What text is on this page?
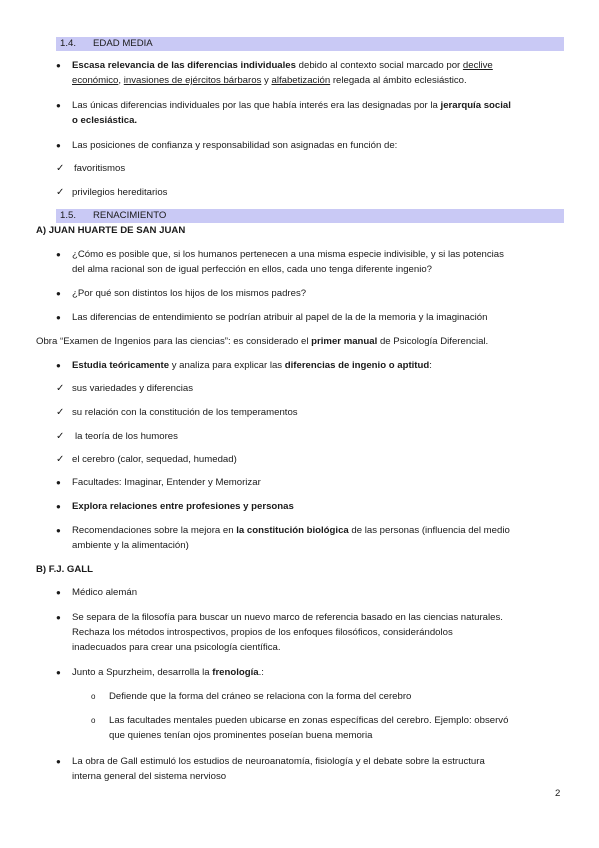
1.4. EDAD MEDIA
● Escasa relevancia de las diferencias individuales debido al contexto social marcado por declive
económico, invasiones de ejércitos bárbaros y alfabetización relegada al ámbito eclesiástico.
● Las únicas diferencias individuales por las que había interés era las designadas por la jerarquía social
o eclesiástica.
● Las posiciones de confianza y responsabilidad son asignadas en función de:
✓ favoritismos
✓ privilegios hereditarios
1.5. RENACIMIENTO
A) JUAN HUARTE DE SAN JUAN
● ¿Cómo es posible que, si los humanos pertenecen a una misma especie indivisible, y si las potencias
del alma racional son de igual perfección en ellos, cada uno tenga diferente ingenio?
● ¿Por qué son distintos los hijos de los mismos padres?
● Las diferencias de entendimiento se podrían atribuir al papel de la de la memoria y la imaginación
Obra “Examen de Ingenios para las ciencias”: es considerado el primer manual de Psicología Diferencial.
● Estudia teóricamente y analiza para explicar las diferencias de ingenio o aptitud:
✓ sus variedades y diferencias
✓ su relación con la constitución de los temperamentos
✓ la teoría de los humores
✓ el cerebro (calor, sequedad, humedad)
● Facultades: Imaginar, Entender y Memorizar
● Explora relaciones entre profesiones y personas
● Recomendaciones sobre la mejora en la constitución biológica de las personas (influencia del medio
ambiente y la alimentación)
B) F.J. GALL
● Médico alemán
● Se separa de la filosofía para buscar un nuevo marco de referencia basado en las ciencias naturales.
Rechaza los métodos introspectivos, propios de los enfoques filosóficos, considerándolos
inadecuados para crear una psicología científica.
● Junto a Spurzheim, desarrolla la frenología.:
o Defiende que la forma del cráneo se relaciona con la forma del cerebro
o Las facultades mentales pueden ubicarse en zonas específicas del cerebro. Ejemplo: observó
que quienes tenían ojos prominentes poseían buena memoria
● La obra de Gall estimuló los estudios de neuroanatomía, fisiología y el debate sobre la estructura
interna general del sistema nervioso
2
